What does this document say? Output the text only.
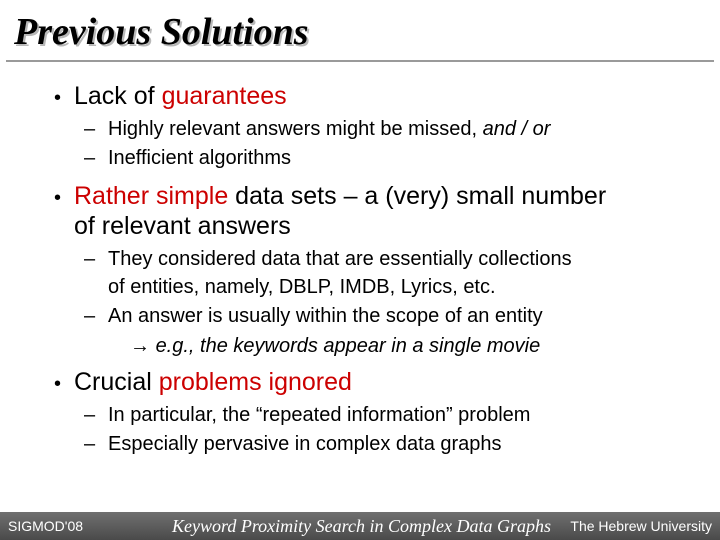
Previous Solutions
• Lack of guarantees
– Highly relevant answers might be missed, and / or
– Inefficient algorithms
• Rather simple data sets – a (very) small number
of relevant answers
– They considered data that are essentially collections
of entities, namely, DBLP, IMDB, Lyrics, etc.
– An answer is usually within the scope of an entity
→ e.g., the keywords appear in a single movie
• Crucial problems ignored
– In particular, the “repeated information” problem
– Especially pervasive in complex data graphs
SIGMOD'08	Keyword Proximity Search in Complex Data Graphs The Hebrew University
